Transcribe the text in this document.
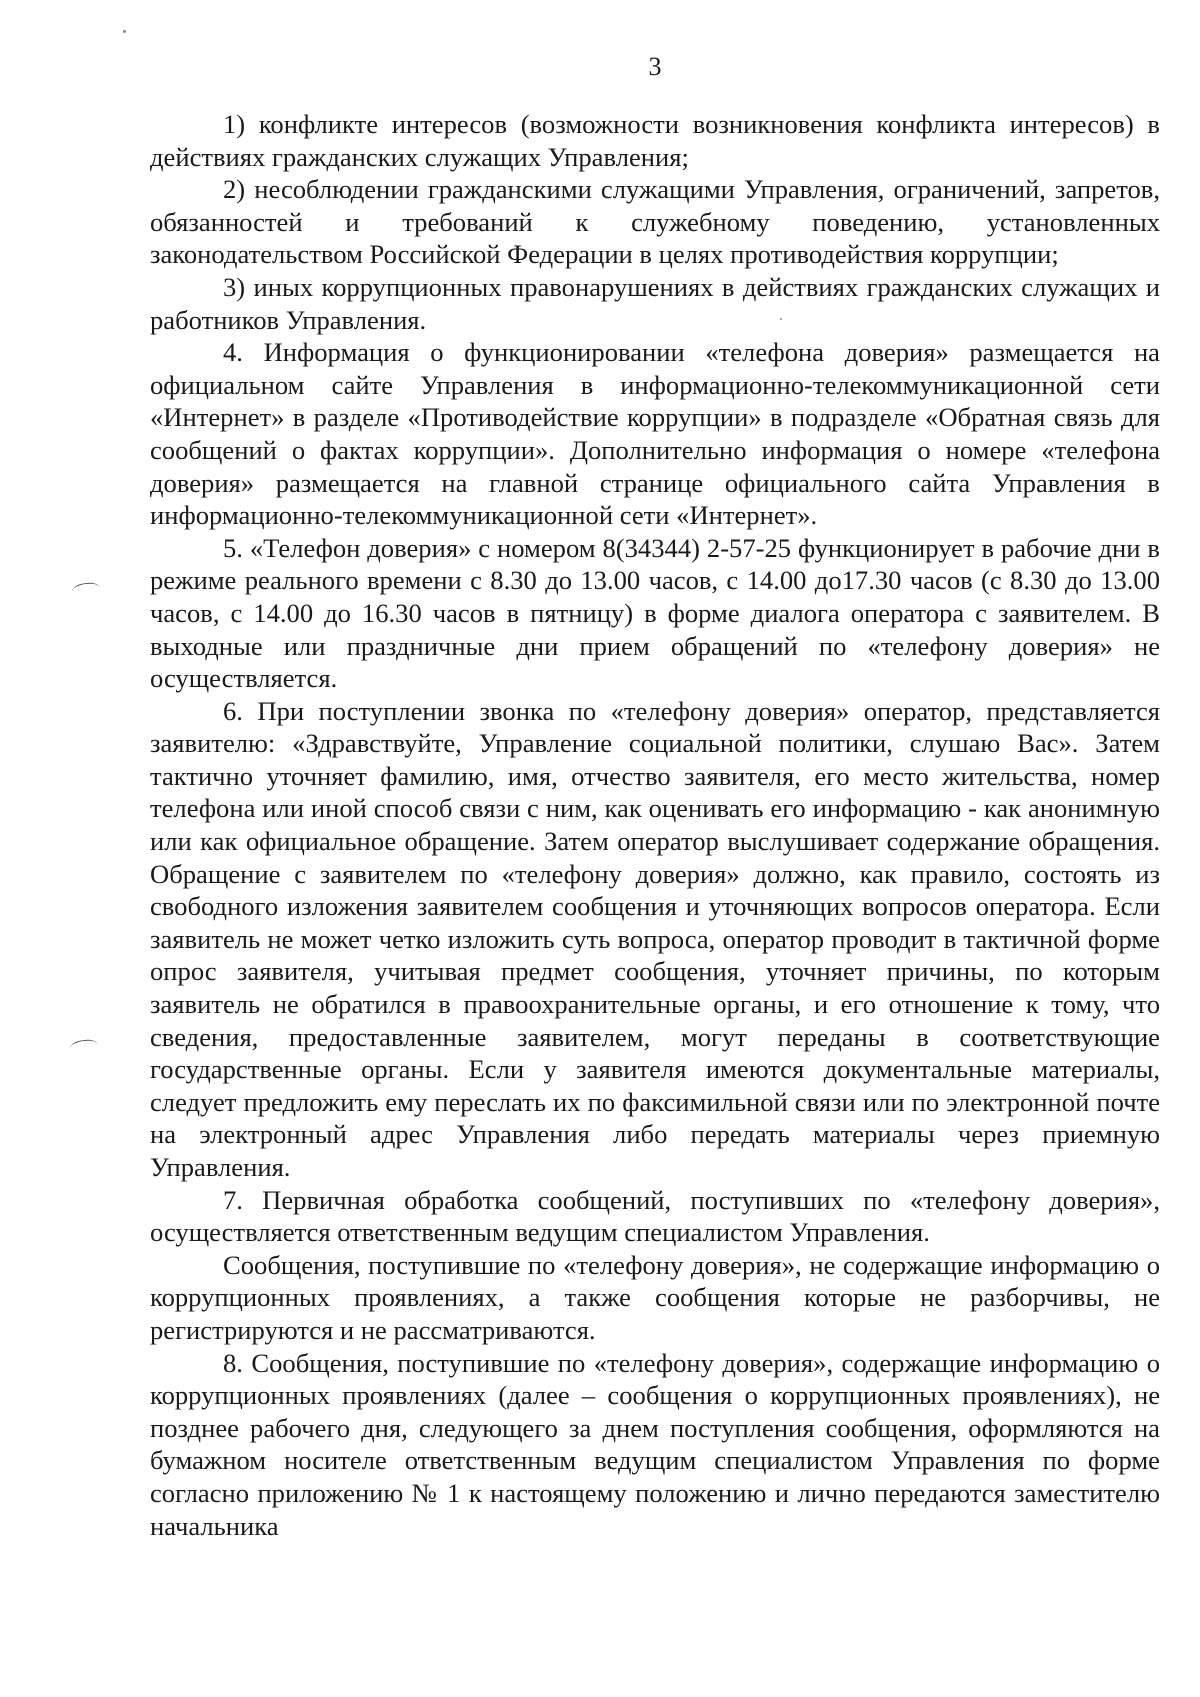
3

1) конфликте интересов (возможности возникновения конфликта интересов) в действиях гражданских служащих Управления;

2) несоблюдении гражданскими служащими Управления, ограничений, запретов, обязанностей и требований к служебному поведению, установленных законодательством Российской Федерации в целях противодействия коррупции;

3) иных коррупционных правонарушениях в действиях гражданских служащих и работников Управления.

4. Информация о функционировании «телефона доверия» размещается на официальном сайте Управления в информационно-телекоммуникационной сети «Интернет» в разделе «Противодействие коррупции» в подразделе «Обратная связь для сообщений о фактах коррупции». Дополнительно информация о номере «телефона доверия» размещается на главной странице официального сайта Управления в информационно-телекоммуникационной сети «Интернет».

5. «Телефон доверия» с номером 8(34344) 2-57-25 функционирует в рабочие дни в режиме реального времени с 8.30 до 13.00 часов, с 14.00 до17.30 часов (с 8.30 до 13.00 часов, с 14.00 до 16.30 часов в пятницу) в форме диалога оператора с заявителем. В выходные или праздничные дни прием обращений по «телефону доверия» не осуществляется.

6. При поступлении звонка по «телефону доверия» оператор, представляется заявителю: «Здравствуйте, Управление социальной политики, слушаю Вас». Затем тактично уточняет фамилию, имя, отчество заявителя, его место жительства, номер телефона или иной способ связи с ним, как оценивать его информацию - как анонимную или как официальное обращение. Затем оператор выслушивает содержание обращения. Обращение с заявителем по «телефону доверия» должно, как правило, состоять из свободного изложения заявителем сообщения и уточняющих вопросов оператора. Если заявитель не может четко изложить суть вопроса, оператор проводит в тактичной форме опрос заявителя, учитывая предмет сообщения, уточняет причины, по которым заявитель не обратился в правоохранительные органы, и его отношение к тому, что сведения, предоставленные заявителем, могут переданы в соответствующие государственные органы. Если у заявителя имеются документальные материалы, следует предложить ему переслать их по факсимильной связи или по электронной почте на электронный адрес Управления либо передать материалы через приемную Управления.

7. Первичная обработка сообщений, поступивших по «телефону доверия», осуществляется ответственным ведущим специалистом Управления.

Сообщения, поступившие по «телефону доверия», не содержащие информацию о коррупционных проявлениях, а также сообщения которые не разборчивы, не регистрируются и не рассматриваются.

8. Сообщения, поступившие по «телефону доверия», содержащие информацию о коррупционных проявлениях (далее – сообщения о коррупционных проявлениях), не позднее рабочего дня, следующего за днем поступления сообщения, оформляются на бумажном носителе ответственным ведущим специалистом Управления по форме согласно приложению № 1 к настоящему положению и лично передаются заместителю начальника
